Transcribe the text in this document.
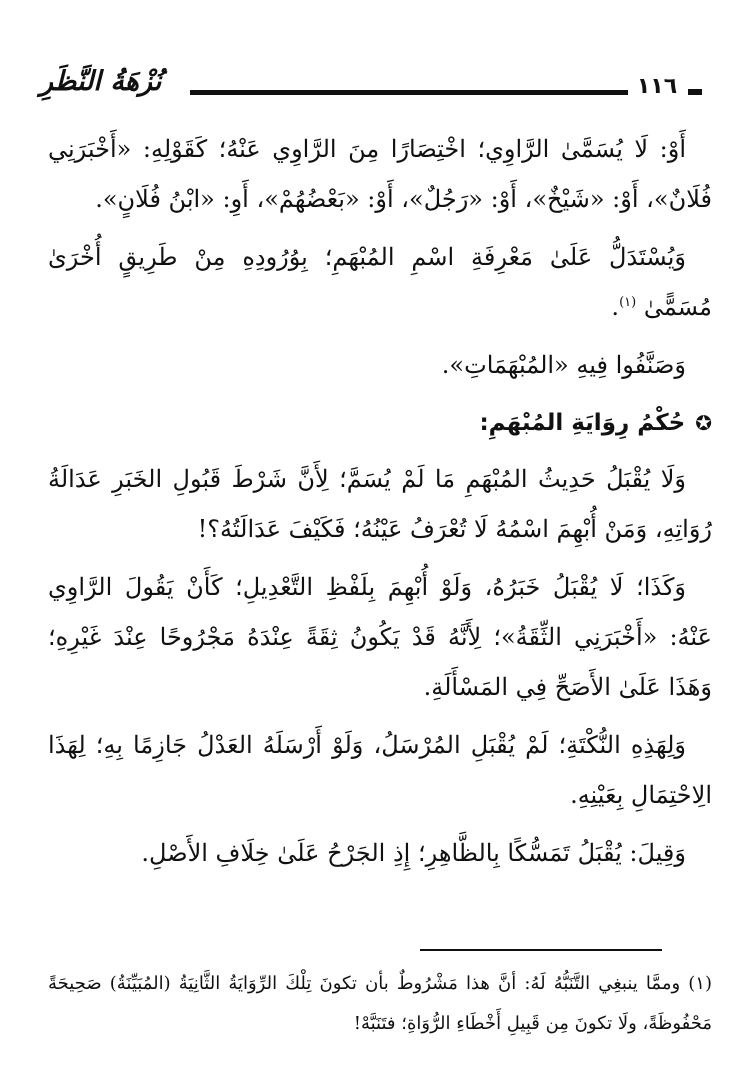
نُزْهَةُ النَّظَرِ	١١٦

أَوْ: لَا يُسَمَّىٰ الرَّاوِي؛ اخْتِصَارًا مِنَ الرَّاوِي عَنْهُ؛ كَقَوْلِهِ: «أَخْبَرَنِي فُلَانٌ»، أَوْ: «شَيْخٌ»، أَوْ: «رَجُلٌ»، أَوْ: «بَعْضُهُمْ»، أَوِ: «ابْنُ فُلَانٍ».

وَيُسْتَدَلُّ عَلَىٰ مَعْرِفَةِ اسْمِ المُبْهَمِ؛ بِوُرُودِهِ مِنْ طَرِيقٍ أُخْرَىٰ مُسَمًّىٰ $^{(١)}$.

وَصَنَّفُوا فِيهِ «المُبْهَمَاتِ».

✪حُكْمُ رِوَايَةِ المُبْهَمِ:

وَلَا يُقْبَلُ حَدِيثُ المُبْهَمِ مَا لَمْ يُسَمَّ؛ لِأَنَّ شَرْطَ قَبُولِ الخَبَرِ عَدَالَةُ رُوَاتِهِ، وَمَنْ أُبْهِمَ اسْمُهُ لَا تُعْرَفُ عَيْنُهُ؛ فَكَيْفَ عَدَالَتُهُ؟!

وَكَذَا؛ لَا يُقْبَلُ خَبَرُهُ، وَلَوْ أُبْهِمَ بِلَفْظِ التَّعْدِيلِ؛ كَأَنْ يَقُولَ الرَّاوِي عَنْهُ: «أَخْبَرَنِي الثِّقَةُ»؛ لِأَنَّهُ قَدْ يَكُونُ ثِقَةً عِنْدَهُ مَجْرُوحًا عِنْدَ غَيْرِهِ؛ وَهَذَا عَلَىٰ الأَصَحِّ فِي المَسْأَلَةِ.

وَلِهَذِهِ النُّكْتَةِ؛ لَمْ يُقْبَلِ المُرْسَلُ، وَلَوْ أَرْسَلَهُ العَدْلُ جَازِمًا بِهِ؛ لِهَذَا الِاحْتِمَالِ بِعَيْنِهِ.

وَقِيلَ: يُقْبَلُ تَمَسُّكًا بِالظَّاهِرِ؛ إِذِ الجَرْحُ عَلَىٰ خِلَافِ الأَصْلِ.

(١) وممَّا ينبغِي التَّنَبُّهُ لَهُ: أنَّ هذا مَشْرُوطٌ بأن تكونَ تِلْكَ الرِّوَايَةُ الثَّانِيَةُ (المُبَيِّنَةُ) صَحِيحَةً مَحْفُوظَةً، ولَا تكونَ مِن قَبِيلِ أَخْطَاءِ الرُّوَاةِ؛ فتَنَبَّهْ!
